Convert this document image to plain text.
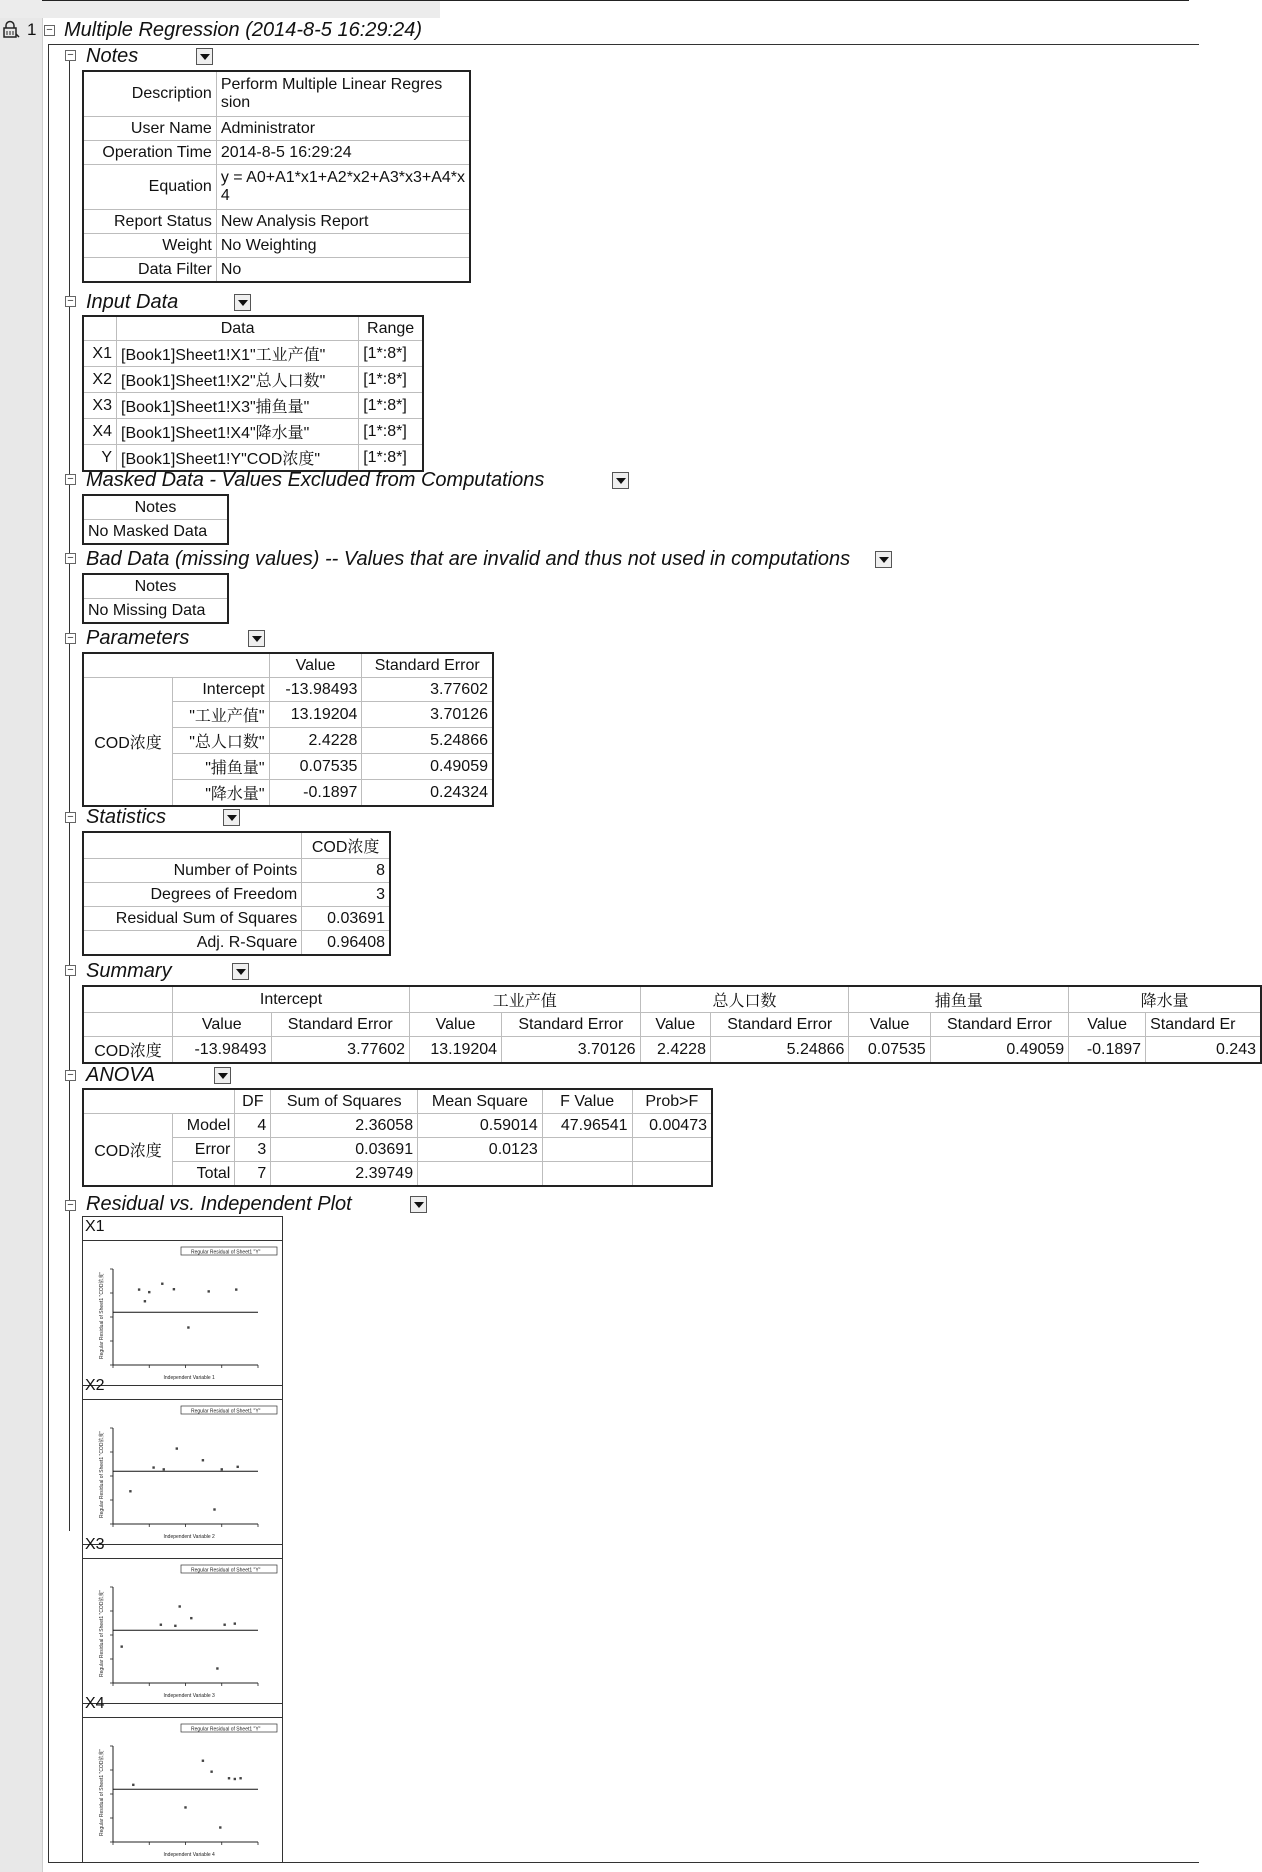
1 − Multiple Regression (2014-8-5 16:29:24)
− Notes
Description	Perform Multiple Linear Regres
sion
User Name	Administrator
Operation Time	2014-8-5 16:29:24
Equation	y = A0+A1*x1+A2*x2+A3*x3+A4*x
4
Report Status	New Analysis Report
Weight	No Weighting
Data Filter	No
− Input Data
	Data	Range
X1	[Book1]Sheet1!X1"工业产值"	[1*:8*]
X2	[Book1]Sheet1!X2"总人口数"	[1*:8*]
X3	[Book1]Sheet1!X3"捕鱼量"	[1*:8*]
X4	[Book1]Sheet1!X4"降水量"	[1*:8*]
Y	[Book1]Sheet1!Y"COD浓度"	[1*:8*]
− Masked Data - Values Excluded from Computations
Notes
No Masked Data
− Bad Data (missing values) -- Values that are invalid and thus not used in computations
Notes
No Missing Data
− Parameters
		Value	Standard Error
COD浓度	Intercept	-13.98493	3.77602
	"工业产值"	13.19204	3.70126
	"总人口数"	2.4228	5.24866
	"捕鱼量"	0.07535	0.49059
	"降水量"	-0.1897	0.24324
− Statistics
	COD浓度
Number of Points	8
Degrees of Freedom	3
Residual Sum of Squares	0.03691
Adj. R-Square	0.96408
− Summary
	Intercept		工业产值		总人口数		捕鱼量		降水量	
	Value	Standard Error	Value	Standard Error	Value	Standard Error	Value	Standard Error	Value	Standard Er
COD浓度	-13.98493	3.77602	13.19204	3.70126	2.4228	5.24866	0.07535	0.49059	-0.1897	0.243
− ANOVA
		DF	Sum of Squares	Mean Square	F Value	Prob>F
COD浓度	Model	4	2.36058	0.59014	47.96541	0.00473
	Error	3	0.03691	0.0123		
	Total	7	2.39749			
− Residual vs. Independent Plot
X1
Regular Residual of Sheet1 "Y"
Regular Residual of Sheet1 "COD浓度"
Independent Variable 1
X2
Regular Residual of Sheet1 "Y"
Regular Residual of Sheet1 "COD浓度"
Independent Variable 2
X3
Regular Residual of Sheet1 "Y"
Regular Residual of Sheet1 "COD浓度"
Independent Variable 3
X4
Regular Residual of Sheet1 "Y"
Regular Residual of Sheet1 "COD浓度"
Independent Variable 4
